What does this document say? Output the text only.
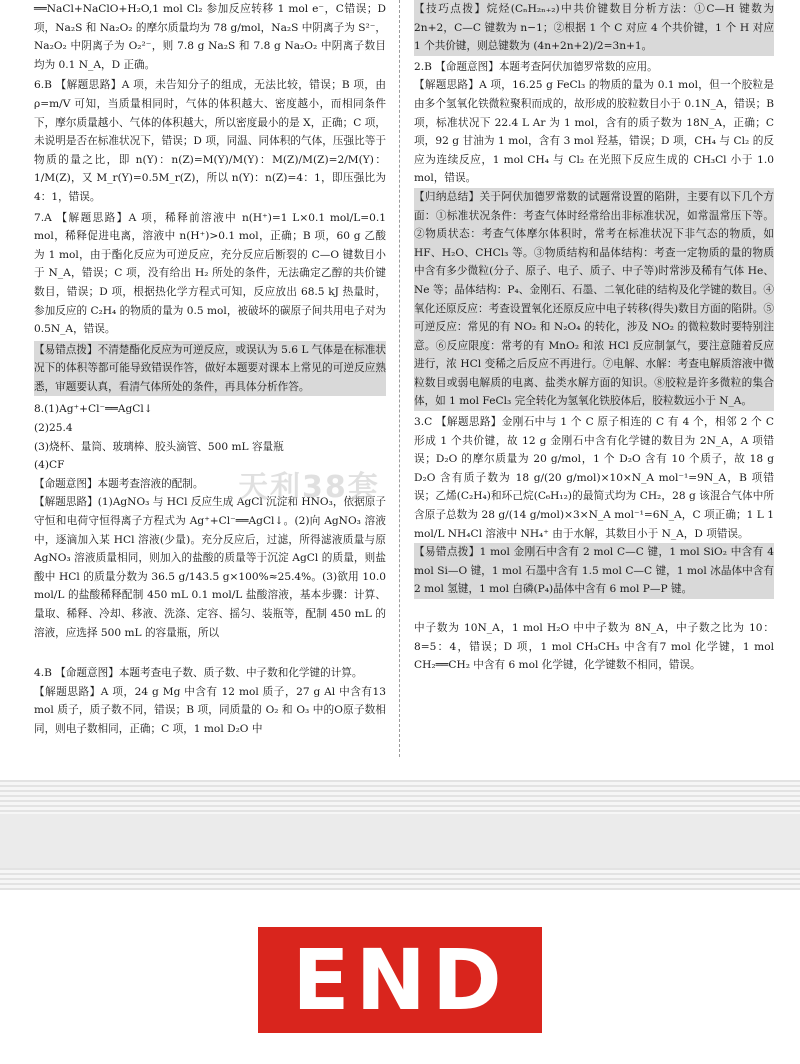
══NaCl+NaClO+H₂O,1 mol Cl₂ 参加反应转移 1 mol e⁻，C错误；D 项，Na₂S 和 Na₂O₂ 的摩尔质量均为 78 g/mol，Na₂S 中阴离子为 S²⁻，Na₂O₂ 中阴离子为 O₂²⁻，则 7.8 g Na₂S 和 7.8 g Na₂O₂ 中阴离子数目均为 0.1 N_A，D 正确。

6.B 【解题思路】A 项，未告知分子的组成，无法比较，错误；B 项，由 ρ=m/V 可知，当质量相同时，气体的体积越大、密度越小，而相同条件下，摩尔质量越小、气体的体积越大，所以密度最小的是 X，正确；C 项，未说明是否在标准状况下，错误；D 项，同温、同体积的气体，压强比等于物质的量之比，即 n(Y)：n(Z)=M(Y)/M(Y)：M(Z)/M(Z)=2/M(Y)：1/M(Z)，又 M_r(Y)=0.5M_r(Z)，所以 n(Y)：n(Z)=4：1，即压强比为 4：1，错误。

7.A 【解题思路】A 项，稀释前溶液中 n(H⁺)=1 L×0.1 mol/L=0.1 mol，稀释促进电离，溶液中 n(H⁺)>0.1 mol，正确；B 项，60 g 乙酸为 1 mol，由于酯化反应为可逆反应，充分反应后断裂的 C—O 键数目小于 N_A，错误；C 项，没有给出 H₂ 所处的条件，无法确定乙醇的共价键数目，错误；D 项，根据热化学方程式可知，反应放出 68.5 kJ 热量时，参加反应的 C₂H₄ 的物质的量为 0.5 mol，被破坏的碳原子间共用电子对为 0.5N_A，错误。

【易错点拨】不清楚酯化反应为可逆反应，或误认为 5.6 L 气体是在标准状况下的体积等都可能导致错误作答，做好本题要对课本上常见的可逆反应熟悉，审题要认真，看清气体所处的条件，再具体分析作答。

8.(1)Ag⁺+Cl⁻══AgCl↓

(2)25.4

(3)烧杯、量筒、玻璃棒、胶头滴管、500 mL 容量瓶

(4)CF

【命题意图】本题考查溶液的配制。

【解题思路】(1)AgNO₃ 与 HCl 反应生成 AgCl 沉淀和 HNO₃，依据原子守恒和电荷守恒得离子方程式为 Ag⁺+Cl⁻══AgCl↓。(2)向 AgNO₃ 溶液中，逐滴加入某 HCl 溶液(少量)。充分反应后，过滤，所得滤液质量与原 AgNO₃ 溶液质量相同，则加入的盐酸的质量等于沉淀 AgCl 的质量，则盐酸中 HCl 的质量分数为 36.5 g/143.5 g×100%≈25.4%。(3)欲用 10.0 mol/L 的盐酸稀释配制 450 mL 0.1 mol/L 盐酸溶液，基本步骤：计算、量取、稀释、冷却、移液、洗涤、定容、摇匀、装瓶等，配制 450 mL 的溶液，应选择 500 mL 的容量瓶，所以

4.B 【命题意图】本题考查电子数、质子数、中子数和化学键的计算。

【解题思路】A 项，24 g Mg 中含有 12 mol 质子，27 g Al 中含有13 mol 质子，质子数不同，错误；B 项，同质量的 O₂ 和 O₃ 中的O原子数相同，则电子数相同，正确；C 项，1 mol D₂O 中

【技巧点拨】烷烃(CₙH₂ₙ₊₂)中共价键数目分析方法：①C—H 键数为 2n+2，C—C 键数为 n−1；②根据 1 个 C 对应 4 个共价键，1 个 H 对应 1 个共价键，则总键数为 (4n+2n+2)/2=3n+1。

2.B 【命题意图】本题考查阿伏加德罗常数的应用。

【解题思路】A 项，16.25 g FeCl₃ 的物质的量为 0.1 mol，但一个胶粒是由多个氢氧化铁微粒聚积而成的，故形成的胶粒数目小于 0.1N_A，错误；B 项，标准状况下 22.4 L Ar 为 1 mol，含有的质子数为 18N_A，正确；C 项，92 g 甘油为 1 mol，含有 3 mol 羟基，错误；D 项，CH₄ 与 Cl₂ 的反应为连续反应，1 mol CH₄ 与 Cl₂ 在光照下反应生成的 CH₃Cl 小于 1.0 mol，错误。

【归纳总结】关于阿伏加德罗常数的试题常设置的陷阱，主要有以下几个方面：①标准状况条件：考查气体时经常给出非标准状况，如常温常压下等。②物质状态：考查气体摩尔体积时，常考在标准状况下非气态的物质，如 HF、H₂O、CHCl₃ 等。③物质结构和晶体结构：考查一定物质的量的物质中含有多少微粒(分子、原子、电子、质子、中子等)时常涉及稀有气体 He、Ne 等；晶体结构：P₄、金刚石、石墨、二氧化硅的结构及化学键的数目。④氧化还原反应：考查设置氧化还原反应中电子转移(得失)数目方面的陷阱。⑤可逆反应：常见的有 NO₂ 和 N₂O₄ 的转化，涉及 NO₂ 的微粒数时要特别注意。⑥反应限度：常考的有 MnO₂ 和浓 HCl 反应制氯气，要注意随着反应进行，浓 HCl 变稀之后反应不再进行。⑦电解、水解：考查电解质溶液中微粒数目或弱电解质的电离、盐类水解方面的知识。⑧胶粒是许多微粒的集合体，如 1 mol FeCl₃ 完全转化为氢氧化铁胶体后，胶粒数远小于 N_A。

3.C 【解题思路】金刚石中与 1 个 C 原子相连的 C 有 4 个，相邻 2 个 C 形成 1 个共价键，故 12 g 金刚石中含有化学键的数目为 2N_A，A 项错误；D₂O 的摩尔质量为 20 g/mol，1 个 D₂O 含有 10 个质子，故 18 g D₂O 含有质子数为 18 g/(20 g/mol)×10×N_A mol⁻¹=9N_A，B 项错误；乙烯(C₂H₄)和环己烷(C₆H₁₂)的最简式均为 CH₂，28 g 该混合气体中所含原子总数为 28 g/(14 g/mol)×3×N_A mol⁻¹=6N_A，C 项正确；1 L 1 mol/L NH₄Cl 溶液中 NH₄⁺ 由于水解，其数目小于 N_A，D 项错误。

【易错点拨】1 mol 金刚石中含有 2 mol C—C 键，1 mol SiO₂ 中含有 4 mol Si—O 键，1 mol 石墨中含有 1.5 mol C—C 键，1 mol 冰晶体中含有 2 mol 氢键，1 mol 白磷(P₄)晶体中含有 6 mol P—P 键。

中子数为 10N_A，1 mol H₂O 中中子数为 8N_A，中子数之比为 10：8=5：4，错误；D 项，1 mol CH₃CH₃ 中含有7 mol 化学键，1 mol CH₂══CH₂ 中含有 6 mol 化学键，化学键数不相同，错误。

天利38套
END
